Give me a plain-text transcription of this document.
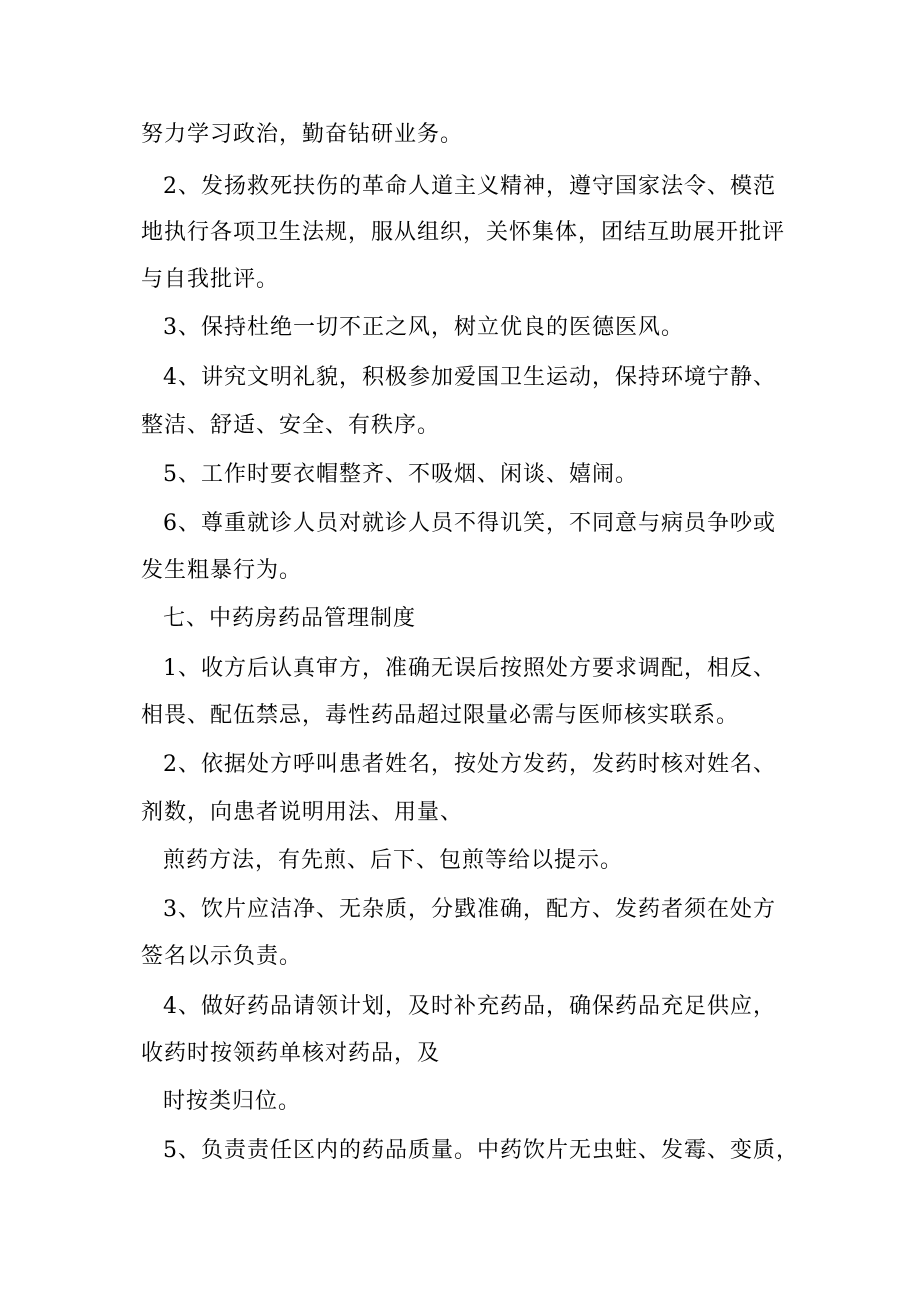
努力学习政治，勤奋钻研业务。
2、发扬救死扶伤的革命人道主义精神，遵守国家法令、模范
地执行各项卫生法规，服从组织，关怀集体，团结互助展开批评
与自我批评。
3、保持杜绝一切不正之风，树立优良的医德医风。
4、讲究文明礼貌，积极参加爱国卫生运动，保持环境宁静、
整洁、舒适、安全、有秩序。
5、工作时要衣帽整齐、不吸烟、闲谈、嬉闹。
6、尊重就诊人员对就诊人员不得讥笑，不同意与病员争吵或
发生粗暴行为。
七、中药房药品管理制度
1、收方后认真审方，准确无误后按照处方要求调配，相反、
相畏、配伍禁忌，毒性药品超过限量必需与医师核实联系。
2、依据处方呼叫患者姓名，按处方发药，发药时核对姓名、
剂数，向患者说明用法、用量、
煎药方法，有先煎、后下、包煎等给以提示。
3、饮片应洁净、无杂质，分戥准确，配方、发药者须在处方
签名以示负责。
4、做好药品请领计划，及时补充药品，确保药品充足供应，
收药时按领药单核对药品，及
时按类归位。
5、负责责任区内的药品质量。中药饮片无虫蛀、发霉、变质，
